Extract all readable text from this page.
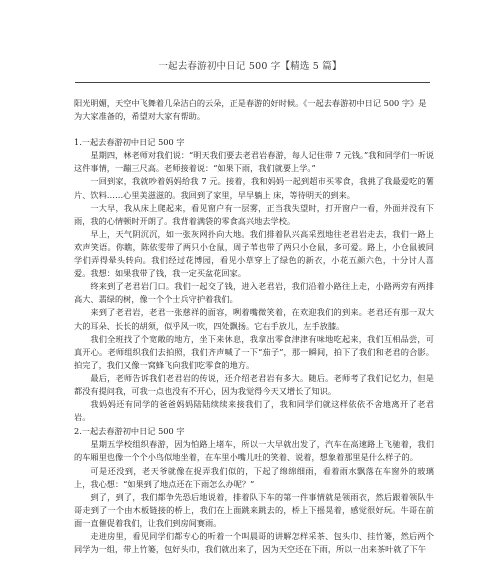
一起去春游初中日记 500 字【精选 5 篇】

阳光明媚，天空中飞舞着几朵洁白的云朵，正是春游的好时候。《一起去春游初中日记 500 字》是为大家准备的，希望对大家有帮助。

1.一起去春游初中日记 500 字

星期四，林老师对我们说：“明天我们要去老君岩春游，每人记住带 7 元钱。”我和同学们一听说这件事情，一蹦三尺高。老师接着说：“如果下雨，我们就要上学。”

一回到家，我就吵着妈妈给我 7 元。接着，我和妈妈一起到超市买零食，我挑了我最爱吃的薯片、饮料……心里美滋滋的。我回到了家里，早早躺上 床，等待明天的到来。

一大早，我从床上爬起来，看见窗户有一层雾，正当我失望时，打开窗户一看，外面并没有下雨，我的心情顿时开朗了。我背着满袋的零食高兴地去学校。

早上，天气阴沉沉，如一张灰网扑向大地。我们排着队兴高采烈地往老君岩走去，我们一路上欢声笑语。你瞧，陈依雯带了两只小仓鼠，周子苇也带了两只小仓鼠，多可爱。路上，小仓鼠被同学们弄得晕头转向。我们经过花博园，看见小草穿上了绿色的新衣，小花五颜六色，十分讨人喜爱。我想：如果我带了钱，我一定买盆花回家。

终来到了老君岩门口。我们一起交了钱，进入老君岩，我们沿着小路往上走，小路两旁有两排高大、翡绿的树，像一个个士兵守护着我们。

来到了老君岩，老君一张慈祥的面容，咧着嘴微笑着，在欢迎我们的到来。老君还有那一双大大的耳朵、长长的胡须，似乎风一吹，四处飘扬。它右手放儿，左手放膝。

我们全班找了个宽敞的地方，坐下来休息，我拿出零食津津有味地吃起来，我们互相品尝，可真开心。老师组织我们去拍照，我们齐声喊了一下“茄子”，那一瞬间，拍下了我们和老君的合影。拍完了，我们又像一窝蜂飞向我们吃零食的地方。

最后，老师告诉我们老君岩的传说，还介绍老君岩有多大。随后。老师考了我们记忆力，但是都没有提问我，可我一点也没有不开心，因为我觉得今天又增长了知识。

我妈妈还有同学的爸爸妈妈陆陆续续来接我们了，我和同学们就这样依依不舍地离开了老君岩。

2.一起去春游初中日记 500 字

星期五学校组织春游，因为怕路上堵车，所以一大早就出发了，汽车在高速路上飞驰着，我们的车厢里也像一个个小鸟似地坐着，在车里小嘴儿吐的笑着、说着，想象着那里是什么样子的。

可是还没到，老天爷就像在捉弄我们似的，下起了绵绵细雨，看着雨水飘落在车窗外的玻璃上，我心想：“如果到了地点还在下雨怎么办呢？”

到了，到了，我们都争先恐后地说着，排着队下车的第一件事情就是领雨衣，然后跟着领队牛哥走到了一个由木板链接的桥上，我们在上面跳来跳去的，桥上下摇晃着，感觉很好玩。牛哥在前面一直催促着我们，让我们到房间赛雨。

走进房里，看见同学们都专心的听着一个叫晨哥的讲解怎样采茶、包头巾、挂竹篓，然后两个同学为一组，带上竹篓，包好头巾，我们就出来了，因为天空还在下雨，所以一出来茶叶就了下午
